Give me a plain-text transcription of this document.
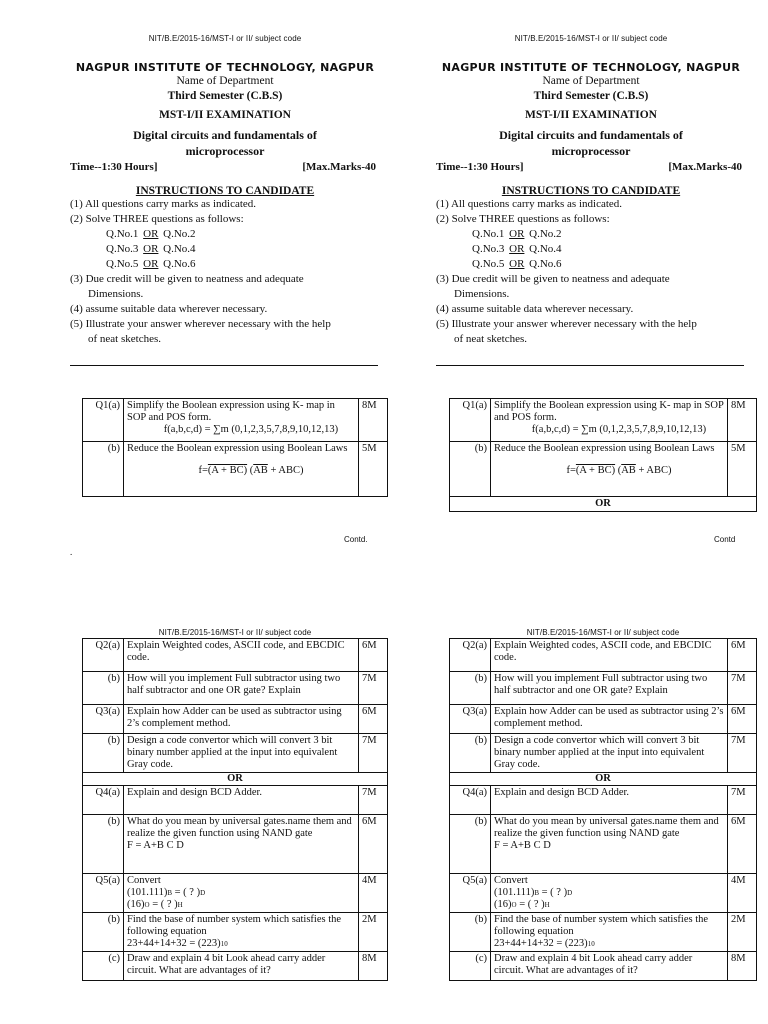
NIT/B.E/2015-16/MST-I or II/ subject code
NAGPUR INSTITUTE OF TECHNOLOGY, NAGPUR
Name of Department
Third Semester (C.B.S)
MST-I/II EXAMINATION
Digital circuits and fundamentals of
microprocessor
Time--1:30 Hours]	[Max.Marks-40
INSTRUCTIONS TO CANDIDATE
(1) All questions carry marks as indicated.
(2) Solve THREE questions as follows:
Q.No.1 OR Q.No.2
Q.No.3 OR Q.No.4
Q.No.5 OR Q.No.6
(3) Due credit will be given to neatness and adequate
Dimensions.
(4) assume suitable data wherever necessary.
(5) Illustrate your answer wherever necessary with the help
of neat sketches.
Q1(a)	Simplify the Boolean expression using K- map in SOP and POS form.
f(a,b,c,d) = ∑m (0,1,2,3,5,7,8,9,10,12,13)	8M
(b)	Reduce the Boolean expression using Boolean Laws
f=(A + BC) $(\overline{AB} + ABC)$	5M
Contd.
.
NIT/B.E/2015-16/MST-I or II/ subject code
NAGPUR INSTITUTE OF TECHNOLOGY, NAGPUR
Name of Department
Third Semester (C.B.S)
MST-I/II EXAMINATION
Digital circuits and fundamentals of
microprocessor
Time--1:30 Hours]	[Max.Marks-40
INSTRUCTIONS TO CANDIDATE
(1) All questions carry marks as indicated.
(2) Solve THREE questions as follows:
Q.No.1 OR Q.No.2
Q.No.3 OR Q.No.4
Q.No.5 OR Q.No.6
(3) Due credit will be given to neatness and adequate
Dimensions.
(4) assume suitable data wherever necessary.
(5) Illustrate your answer wherever necessary with the help
of neat sketches.
Q1(a)	Simplify the Boolean expression using K- map in SOP and POS form.
f(a,b,c,d) = ∑m (0,1,2,3,5,7,8,9,10,12,13)	8M
(b)	Reduce the Boolean expression using Boolean Laws
f=(A + BC) $(\overline{AB} + ABC)$	5M
OR		
Contd
NIT/B.E/2015-16/MST-I or II/ subject code
Q2(a)	Explain Weighted codes, ASCII code, and EBCDIC code.	6M
(b)	How will you implement Full subtractor using two half subtractor and one OR gate? Explain	7M
Q3(a)	Explain how Adder can be used as subtractor using 2’s complement method.	6M
(b)	Design a code convertor which will convert 3 bit binary number applied at the input into equivalent Gray code.	7M
OR		
Q4(a)	Explain and design BCD Adder.	7M
(b)	What do you mean by universal gates.name them and realize the given function using NAND gate
F = A+B C D	6M
Q5(a)	Convert
(101.111)B = ( ? )D
(16)O = ( ? )H	4M
(b)	Find the base of number system which satisfies the following equation
23+44+14+32 = (223)10	2M
(c)	Draw and explain 4 bit Look ahead carry adder circuit. What are advantages of it?	8M
NIT/B.E/2015-16/MST-I or II/ subject code
Q2(a)	Explain Weighted codes, ASCII code, and EBCDIC code.	6M
(b)	How will you implement Full subtractor using two half subtractor and one OR gate? Explain	7M
Q3(a)	Explain how Adder can be used as subtractor using 2’s complement method.	6M
(b)	Design a code convertor which will convert 3 bit binary number applied at the input into equivalent Gray code.	7M
OR		
Q4(a)	Explain and design BCD Adder.	7M
(b)	What do you mean by universal gates.name them and realize the given function using NAND gate
F = A+B C D	6M
Q5(a)	Convert
(101.111)B = ( ? )D
(16)O = ( ? )H	4M
(b)	Find the base of number system which satisfies the following equation
23+44+14+32 = (223)10	2M
(c)	Draw and explain 4 bit Look ahead carry adder circuit. What are advantages of it?	8M
